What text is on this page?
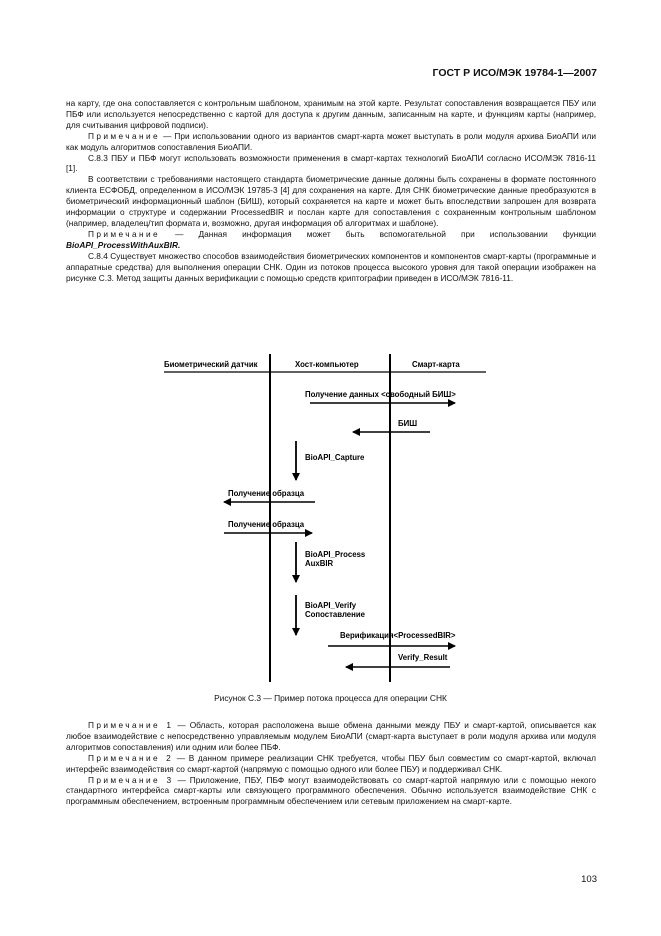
ГОСТ Р ИСО/МЭК 19784-1—2007

на карту, где она сопоставляется с контрольным шаблоном, хранимым на этой карте. Результат сопоставления возвращается ПБУ или ПБФ или используется непосредственно с картой для доступа к другим данным, записанным на карте, и функциям карты (например, для считывания цифровой подписи).

Примечание — При использовании одного из вариантов смарт-карта может выступать в роли модуля архива БиоАПИ или как модуль алгоритмов сопоставления БиоАПИ.

С.8.3 ПБУ и ПБФ могут использовать возможности применения в смарт-картах технологий БиоАПИ согласно ИСО/МЭК 7816-11 [1].

В соответствии с требованиями настоящего стандарта биометрические данные должны быть сохранены в формате постоянного клиента ЕСФОБД, определенном в ИСО/МЭК 19785-3 [4] для сохранения на карте. Для СНК биометрические данные преобразуются в биометрический информационный шаблон (БИШ), который сохраняется на карте и может быть впоследствии запрошен для возврата информации о структуре и содержании ProcessedBIR и послан карте для сопоставления с сохраненным контрольным шаблоном (например, владелец/тип формата и, возможно, другая информация об алгоритмах и шаблоне).

Примечание — Данная информация может быть вспомогательной при использовании функции BioAPI_ProcessWithAuxBIR.

С.8.4 Существует множество способов взаимодействия биометрических компонентов и компонентов смарт-карты (программные и аппаратные средства) для выполнения операции СНК. Один из потоков процесса высокого уровня для такой операции изображен на рисунке С.3. Метод защиты данных верификации с помощью средств криптографии приведен в ИСО/МЭК 7816-11.

Биометрический датчик	Хост-компьютер	Смарт-карта
Получение данных <свободный БИШ>
БИШ
BioAPI_Capture
Получение образца
Получение образца
BioAPI_Process
AuxBIR
BioAPI_Verify
Сопоставление
Верификация<ProcessedBIR>
Verify_Result
Рисунок С.3 — Пример потока процесса для операции СНК

Примечание 1 — Область, которая расположена выше обмена данными между ПБУ и смарт-картой, описывается как любое взаимодействие с непосредственно управляемым модулем БиоАПИ (смарт-карта выступает в роли модуля архива или модуля алгоритмов сопоставления) или одним или более ПБФ.

Примечание 2 — В данном примере реализации СНК требуется, чтобы ПБУ был совместим со смарт-картой, включал интерфейс взаимодействия со смарт-картой (напрямую с помощью одного или более ПБУ) и поддерживал СНК.

Примечание 3 — Приложение, ПБУ, ПБФ могут взаимодействовать со смарт-картой напрямую или с помощью некого стандартного интерфейса смарт-карты или связующего программного обеспечения. Обычно используется взаимодействие СНК с программным обеспечением, встроенным программным обеспечением или сетевым приложением на смарт-карте.

103
